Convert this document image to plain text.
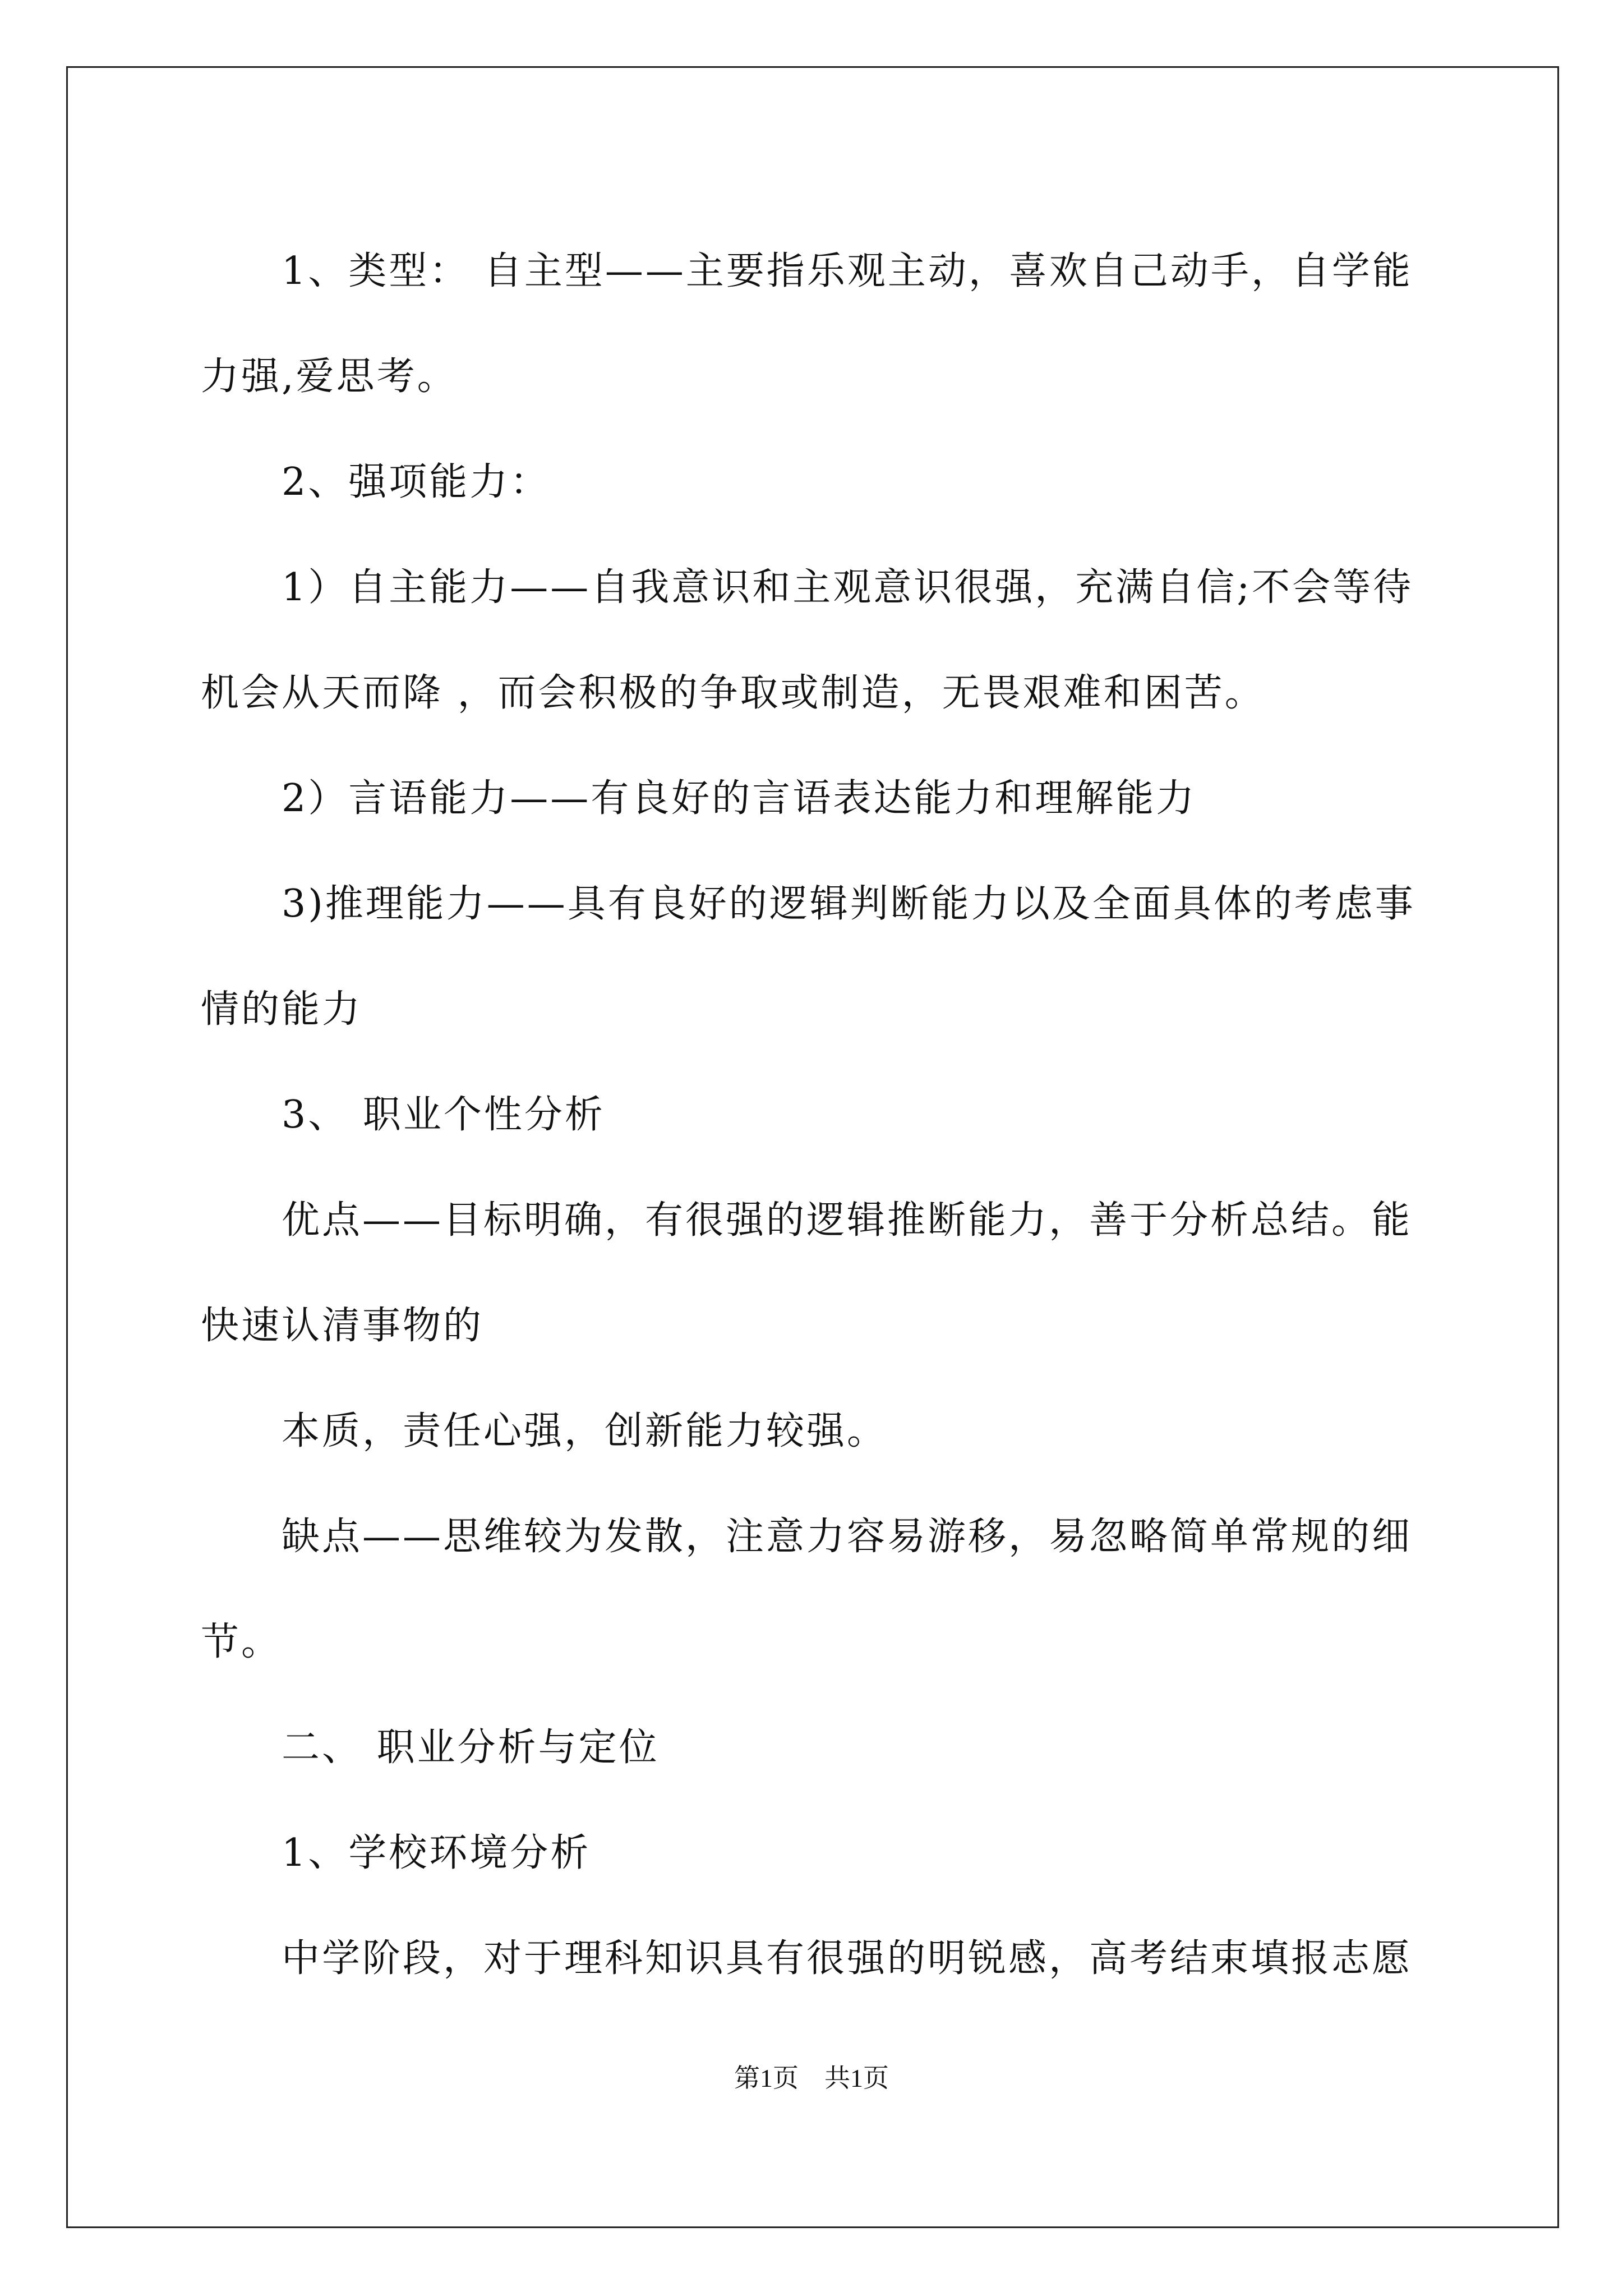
1、类型： 自主型——主要指乐观主动，喜欢自己动手，自学能力强,爱思考。

2、强项能力：

1）自主能力——自我意识和主观意识很强，充满自信;不会等待机会从天而降 ，而会积极的争取或制造，无畏艰难和困苦。

2）言语能力——有良好的言语表达能力和理解能力

3)推理能力——具有良好的逻辑判断能力以及全面具体的考虑事情的能力

3、 职业个性分析

优点——目标明确，有很强的逻辑推断能力，善于分析总结。能快速认清事物的

本质，责任心强，创新能力较强。

缺点——思维较为发散，注意力容易游移，易忽略简单常规的细节。

二、 职业分析与定位

1、学校环境分析

中学阶段，对于理科知识具有很强的明锐感，高考结束填报志愿

第1页　共1页
